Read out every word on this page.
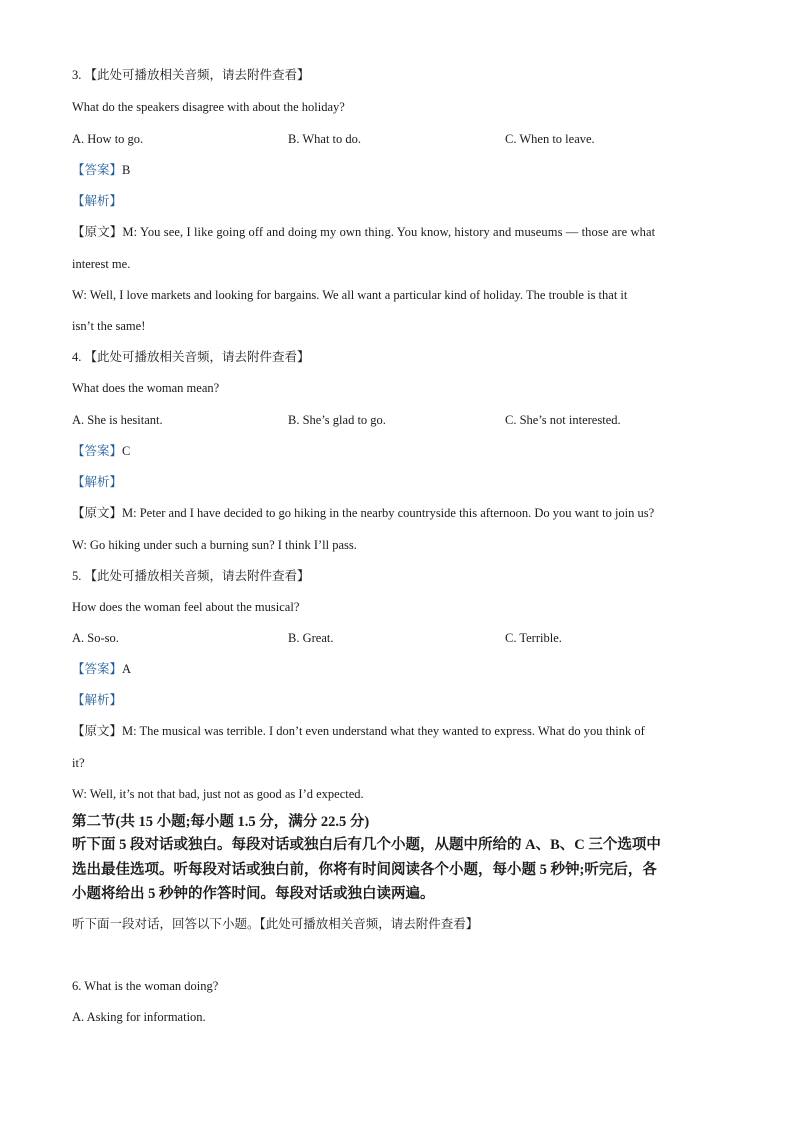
3. 【此处可播放相关音频，请去附件查看】
What do the speakers disagree with about the holiday?
A. How to go.	B. What to do.	C. When to leave.
【答案】B
【解析】
【原文】M: You see, I like going off and doing my own thing. You know, history and museums — those are what
interest me.
W: Well, I love markets and looking for bargains. We all want a particular kind of holiday. The trouble is that it
isn’t the same!
4. 【此处可播放相关音频，请去附件查看】
What does the woman mean?
A. She is hesitant.	B. She’s glad to go.	C. She’s not interested.
【答案】C
【解析】
【原文】M: Peter and I have decided to go hiking in the nearby countryside this afternoon. Do you want to join us?
W: Go hiking under such a burning sun? I think I’ll pass.
5. 【此处可播放相关音频，请去附件查看】
How does the woman feel about the musical?
A. So-so.	B. Great.	C. Terrible.
【答案】A
【解析】
【原文】M: The musical was terrible. I don’t even understand what they wanted to express. What do you think of
it?
W: Well, it’s not that bad, just not as good as I’d expected.
第二节(共 15 小题;每小题 1.5 分，满分 22.5 分)
听下面 5 段对话或独白。每段对话或独白后有几个小题，从题中所给的 A、B、C 三个选项中
选出最佳选项。听每段对话或独白前，你将有时间阅读各个小题，每小题 5 秒钟;听完后，各
小题将给出 5 秒钟的作答时间。每段对话或独白读两遍。
听下面一段对话，回答以下小题。【此处可播放相关音频，请去附件查看】
6. What is the woman doing?
A. Asking for information.
